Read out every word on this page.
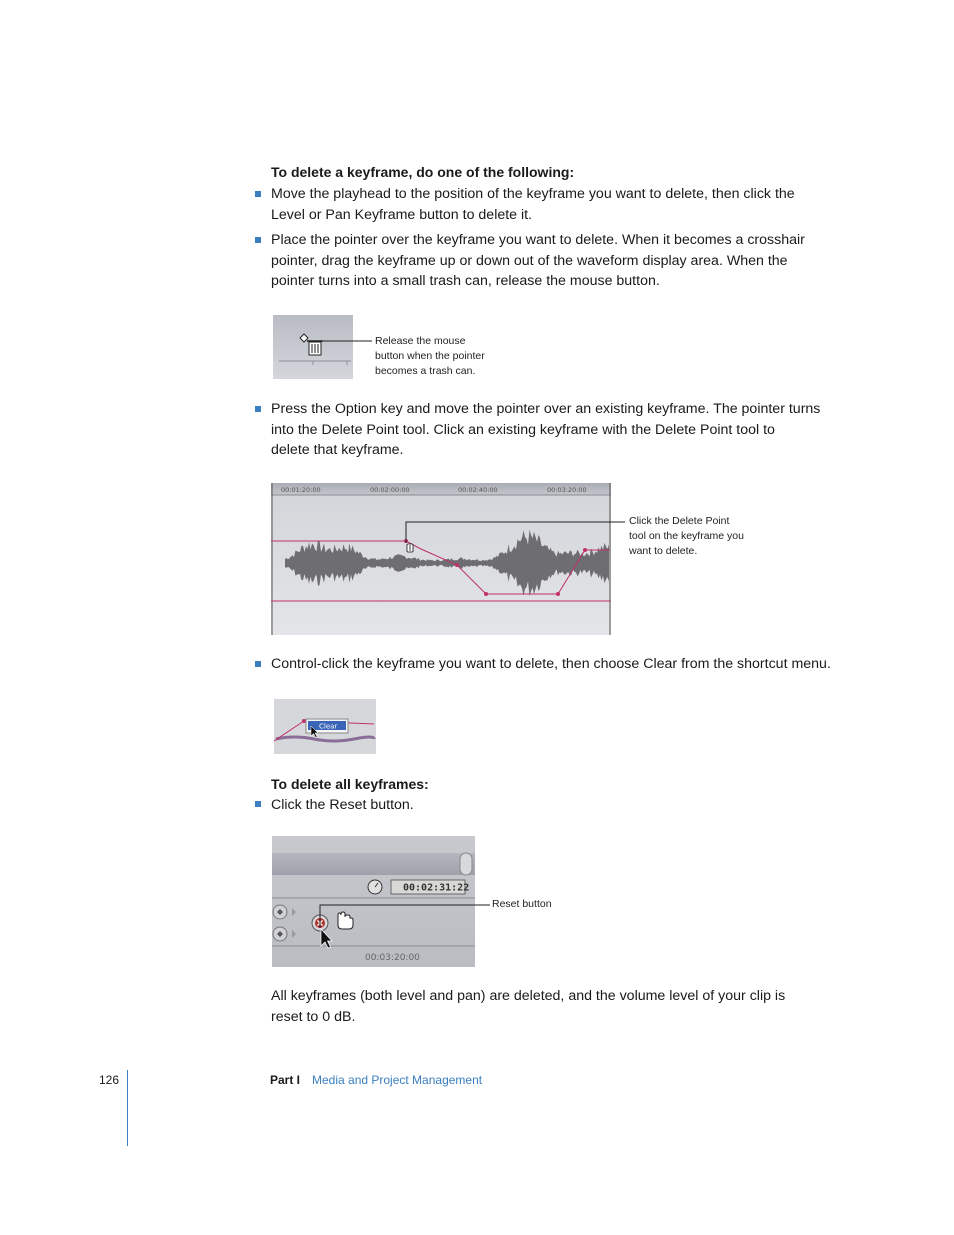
To delete a keyframe, do one of the following:
Move the playhead to the position of the keyframe you want to delete, then click the
Level or Pan Keyframe button to delete it.
Place the pointer over the keyframe you want to delete. When it becomes a crosshair
pointer, drag the keyframe up or down out of the waveform display area. When the
pointer turns into a small trash can, release the mouse button.
Release the mouse
button when the pointer
becomes a trash can.
Press the Option key and move the pointer over an existing keyframe. The pointer turns
into the Delete Point tool. Click an existing keyframe with the Delete Point tool to
delete that keyframe.
00:01:20:00	00:02:00:00	00:02:40:00	00:03:20:00
Click the Delete Point
tool on the keyframe you
want to delete.
Control-click the keyframe you want to delete, then choose Clear from the shortcut menu.
Clear
To delete all keyframes:
Click the Reset button.
00:02:31:22
00:03:20:00
Reset button
All keyframes (both level and pan) are deleted, and the volume level of your clip is
reset to 0 dB.
126	Part I Media and Project Management
